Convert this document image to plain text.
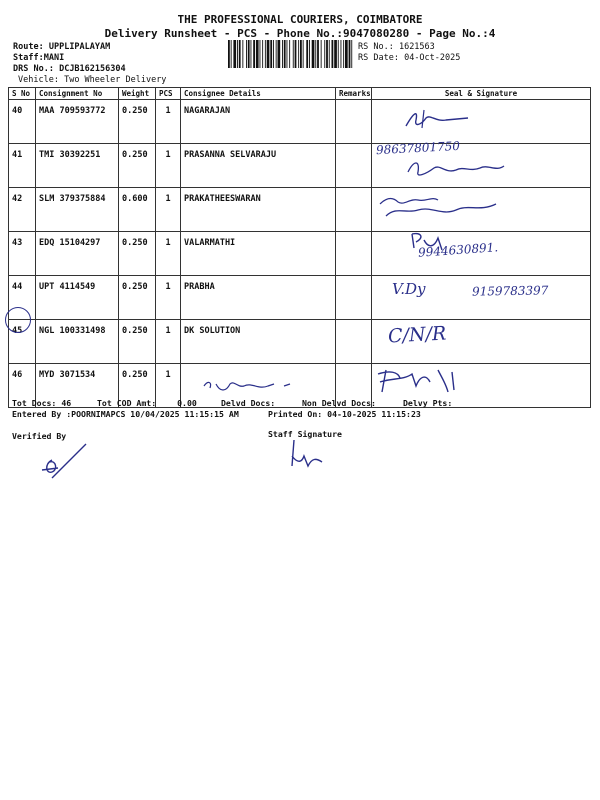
THE PROFESSIONAL COURIERS, COIMBATORE
Delivery Runsheet - PCS - Phone No.:9047080280 - Page No.:4
Route: UPPLIPALAYAM
Staff:MANI
DRS No.: DCJB162156304
Vehicle: Two Wheeler Delivery
RS No.: 1621563
RS Date: 04-Oct-2025
S No	Consignment No	Weight	PCS	Consignee Details	Remarks	Seal & Signature
40	MAA 709593772	0.250	1	NAGARAJAN		
41	TMI 30392251	0.250	1	PRASANNA SELVARAJU		
42	SLM 379375884	0.600	1	PRAKATHEESWARAN		
43	EDQ 15104297	0.250	1	VALARMATHI		
44	UPT 4114549	0.250	1	PRABHA		
45	NGL 100331498	0.250	1	DK SOLUTION		
46	MYD 3071534	0.250	1			
98637801750
9944630891.
V.Dy	9159783397
C/N/R
Tot Docs: 46	Tot COD Amt:	0.00	Delvd Docs:	Non Delvd Docs:	Delvy Pts:
Entered By :POORNIMAPCS 10/04/2025 11:15:15 AM	Printed On: 04-10-2025 11:15:23
Verified By	Staff Signature
